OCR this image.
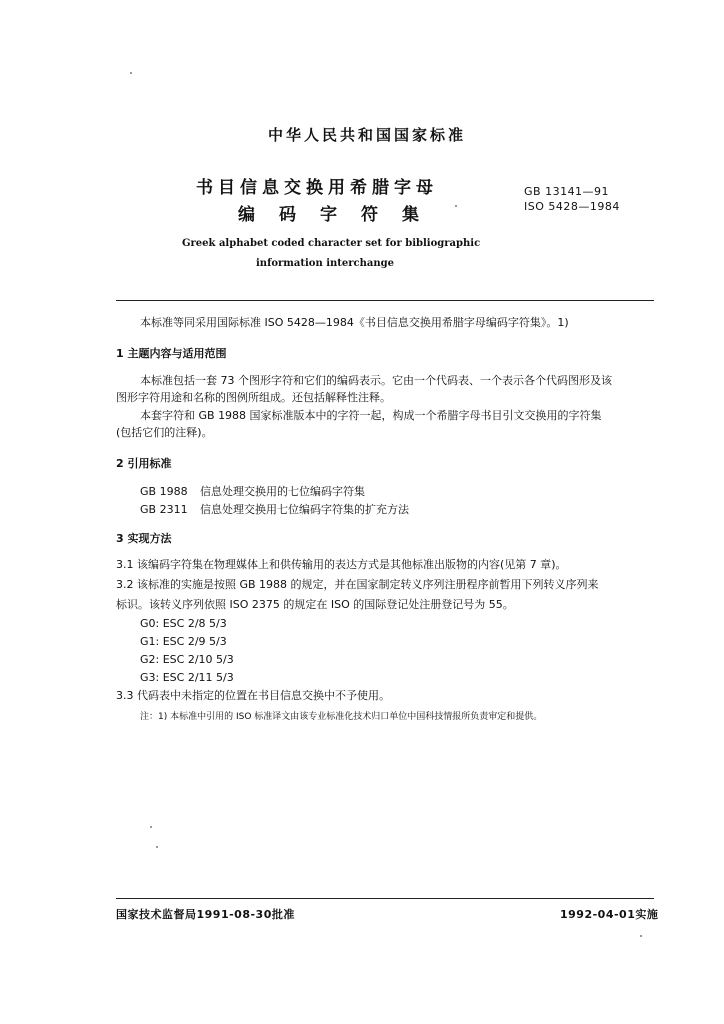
中华人民共和国国家标准
书目信息交换用希腊字母
编码字符集
GB 13141—91
ISO 5428—1984
Greek alphabet coded character set for bibliographic
information interchange
本标准等同采用国际标准 ISO 5428—1984《书目信息交换用希腊字母编码字符集》。1)
1 主题内容与适用范围
本标准包括一套 73 个图形字符和它们的编码表示。它由一个代码表、一个表示各个代码图形及该
图形字符用途和名称的图例所组成。还包括解释性注释。
本套字符和 GB 1988 国家标准版本中的字符一起，构成一个希腊字母书目引文交换用的字符集
(包括它们的注释)。
2 引用标准
GB 1988 信息处理交换用的七位编码字符集
GB 2311 信息处理交换用七位编码字符集的扩充方法
3 实现方法
3.1 该编码字符集在物理媒体上和供传输用的表达方式是其他标准出版物的内容(见第 7 章)。
3.2 该标准的实施是按照 GB 1988 的规定，并在国家制定转义序列注册程序前暂用下列转义序列来
标识。该转义序列依照 ISO 2375 的规定在 ISO 的国际登记处注册登记号为 55。
G0: ESC 2/8 5/3
G1: ESC 2/9 5/3
G2: ESC 2/10 5/3
G3: ESC 2/11 5/3
3.3 代码表中未指定的位置在书目信息交换中不予使用。
注：1) 本标准中引用的 ISO 标准译文由该专业标准化技术归口单位中国科技情报所负责审定和提供。
国家技术监督局1991-08-30批准	1992-04-01实施
